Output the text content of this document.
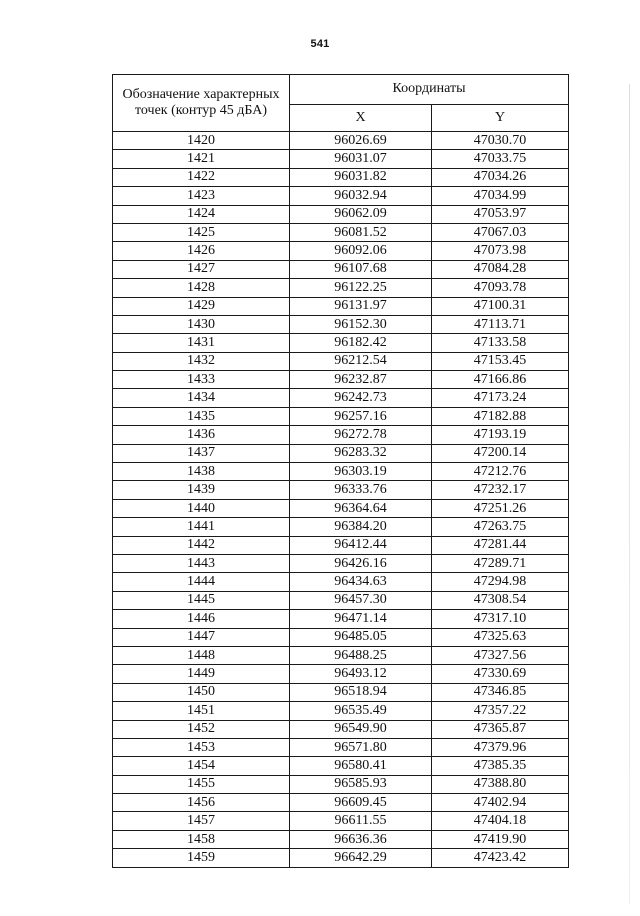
541
Обозначение характерных точек (контур 45 дБА)	Координаты	
	X	Y
1420	96026.69	47030.70
1421	96031.07	47033.75
1422	96031.82	47034.26
1423	96032.94	47034.99
1424	96062.09	47053.97
1425	96081.52	47067.03
1426	96092.06	47073.98
1427	96107.68	47084.28
1428	96122.25	47093.78
1429	96131.97	47100.31
1430	96152.30	47113.71
1431	96182.42	47133.58
1432	96212.54	47153.45
1433	96232.87	47166.86
1434	96242.73	47173.24
1435	96257.16	47182.88
1436	96272.78	47193.19
1437	96283.32	47200.14
1438	96303.19	47212.76
1439	96333.76	47232.17
1440	96364.64	47251.26
1441	96384.20	47263.75
1442	96412.44	47281.44
1443	96426.16	47289.71
1444	96434.63	47294.98
1445	96457.30	47308.54
1446	96471.14	47317.10
1447	96485.05	47325.63
1448	96488.25	47327.56
1449	96493.12	47330.69
1450	96518.94	47346.85
1451	96535.49	47357.22
1452	96549.90	47365.87
1453	96571.80	47379.96
1454	96580.41	47385.35
1455	96585.93	47388.80
1456	96609.45	47402.94
1457	96611.55	47404.18
1458	96636.36	47419.90
1459	96642.29	47423.42
